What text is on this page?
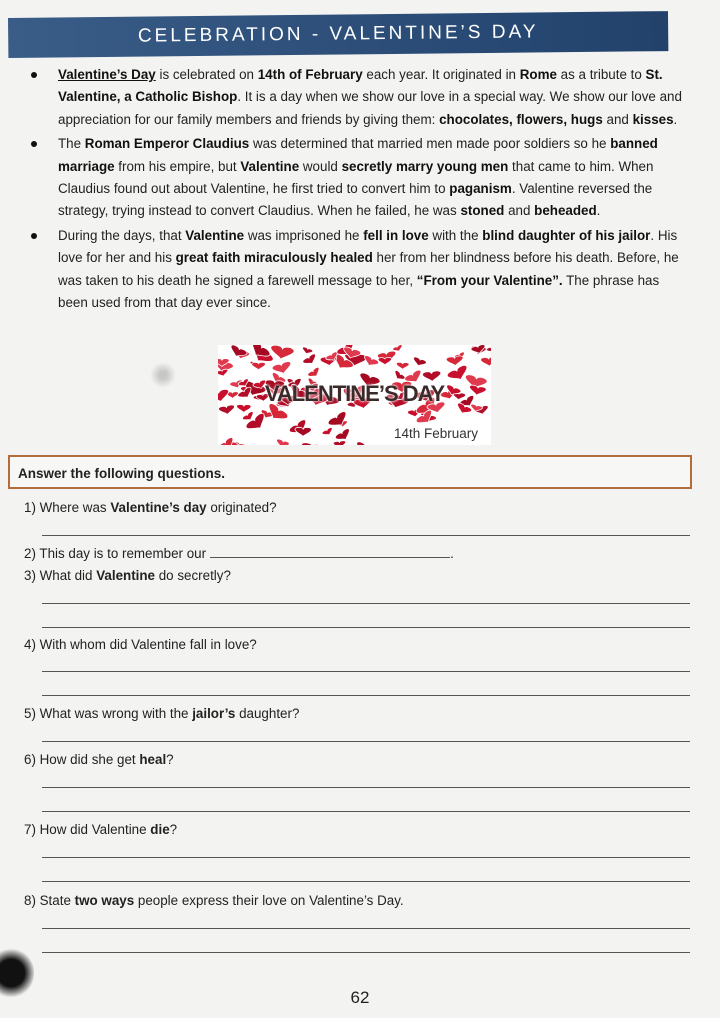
CELEBRATION - VALENTINE’S DAY
Valentine’s Day is celebrated on 14th of February each year. It originated in Rome as a tribute to St. Valentine, a Catholic Bishop. It is a day when we show our love in a special way. We show our love and appreciation for our family members and friends by giving them: chocolates, flowers, hugs and kisses.
The Roman Emperor Claudius was determined that married men made poor soldiers so he banned marriage from his empire, but Valentine would secretly marry young men that came to him. When Claudius found out about Valentine, he first tried to convert him to paganism. Valentine reversed the strategy, trying instead to convert Claudius. When he failed, he was stoned and beheaded.
During the days, that Valentine was imprisoned he fell in love with the blind daughter of his jailor. His love for her and his great faith miraculously healed her from her blindness before his death. Before, he was taken to his death he signed a farewell message to her, “From your Valentine”. The phrase has been used from that day ever since.
VALENTINE’S DAY
14th February
Answer the following questions.
1) Where was Valentine’s day originated?
2) This day is to remember our	.
3) What did Valentine do secretly?
4) With whom did Valentine fall in love?
5) What was wrong with the jailor’s daughter?
6) How did she get heal?
7) How did Valentine die?
8) State two ways people express their love on Valentine’s Day.
62
